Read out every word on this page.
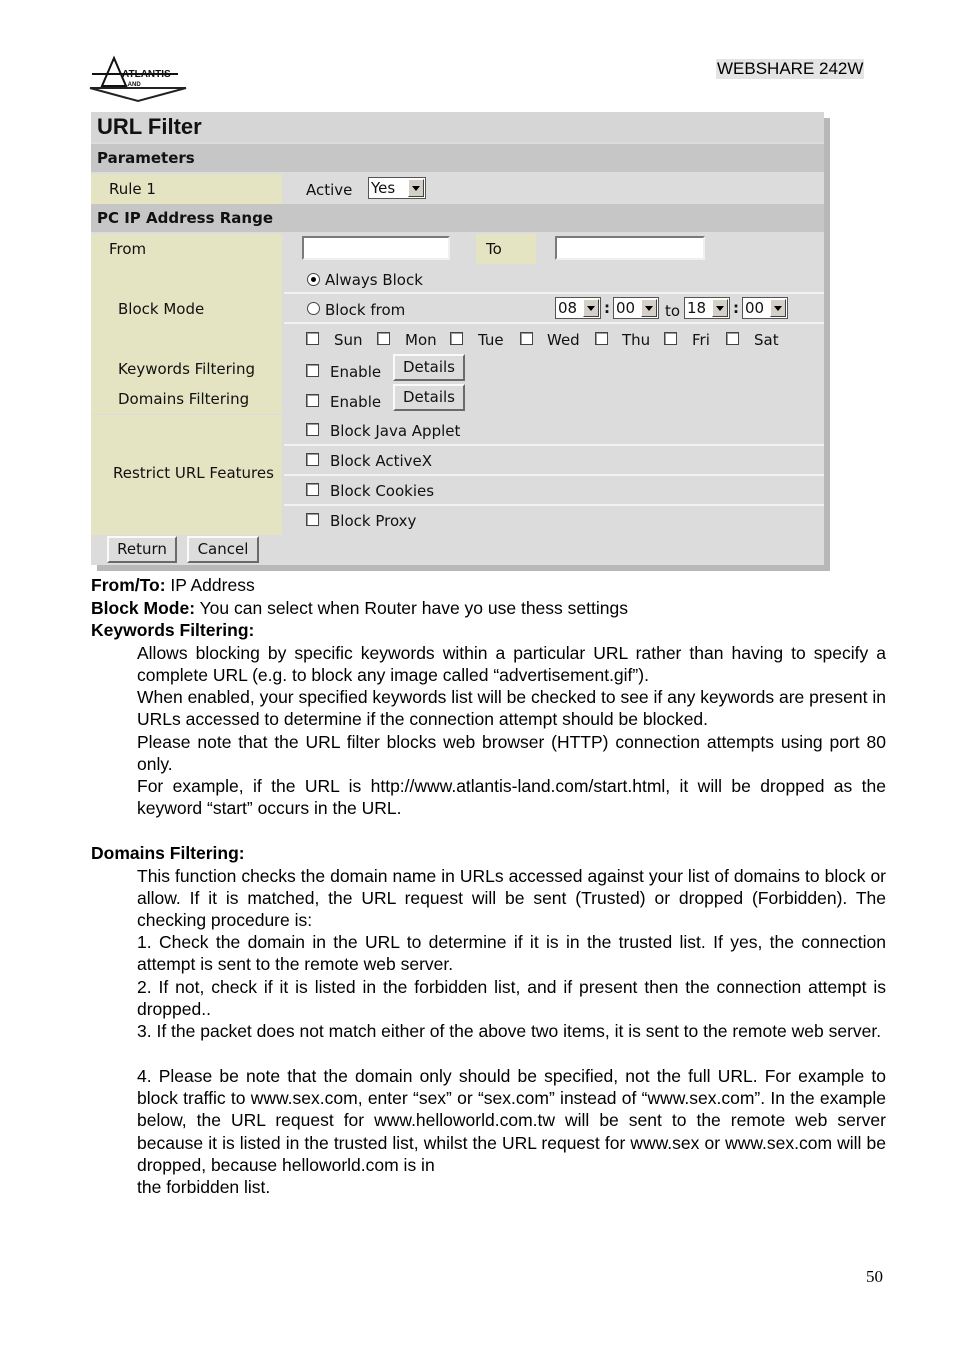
ATLANTIS
LAND
WEBSHARE 242W
URL Filter
Parameters
Rule 1	Active Yes
PC IP Address Range
From	To
Block Mode
Always Block
Block from	08	: 00	to 18	: 00
Sun	Mon	Tue	Wed	Thu	Fri	Sat
Keywords Filtering	Enable	Details
Domains Filtering	Enable	Details
Restrict URL Features
Block Java Applet
Block ActiveX
Block Cookies
Block Proxy
Return	Cancel
From/To: IP Address
Block Mode: You can select when Router have yo use thess settings
Keywords Filtering:
Allows blocking by specific keywords within a particular URL rather than having to specify a complete URL (e.g. to block any image called “advertisement.gif”).
When enabled, your specified keywords list will be checked to see if any keywords are present in URLs accessed to determine if the connection attempt should be blocked.
Please note that the URL filter blocks web browser (HTTP) connection attempts using port 80 only.
For example, if the URL is http://www.atlantis-land.com/start.html, it will be dropped as the keyword “start” occurs in the URL.
Domains Filtering:
This function checks the domain name in URLs accessed against your list of domains to block or allow. If it is matched, the URL request will be sent (Trusted) or dropped (Forbidden). The checking procedure is:
1. Check the domain in the URL to determine if it is in the trusted list. If yes, the connection attempt is sent to the remote web server.
2. If not, check if it is listed in the forbidden list, and if present then the connection attempt is dropped..
3. If the packet does not match either of the above two items, it is sent to the remote web server.
4. Please be note that the domain only should be specified, not the full URL. For example to block traffic to www.sex.com, enter “sex” or “sex.com” instead of “www.sex.com”. In the example below, the URL request for www.helloworld.com.tw will be sent to the remote web server because it is listed in the trusted list, whilst the URL request for www.sex or www.sex.com will be dropped, because helloworld.com is in
the forbidden list.
50
